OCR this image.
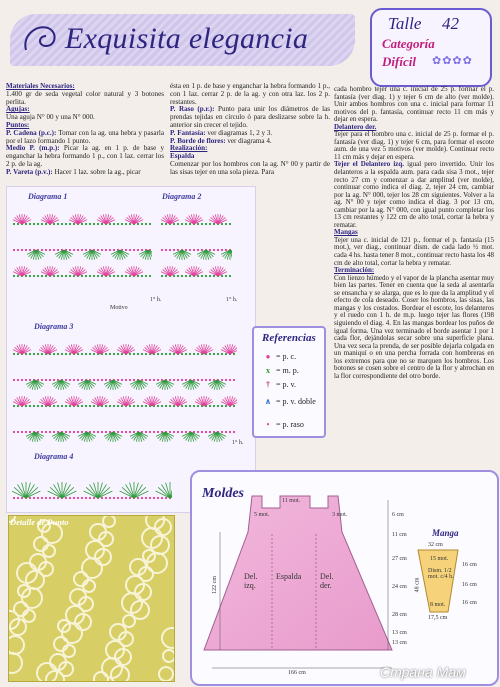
Exquisita elegancia	Talle 42
Categoría
Difícil ✿✿✿✿

Materiales Necesarios:

1.400 gr de seda vegetal color natural y 3 botones perlita.

Agujas:

Una aguja N° 00 y una N° 000.

Puntos:

P. Cadena (p.c.): Tomar con la ag. una hebra y pasarla por el lazo formando 1 punto.

Medio P. (m.p.): Picar la ag. en 1 p. de base y enganchar la hebra formando 1 p., con 1 laz. cerrar los 2 p. de la ag.

P. Vareta (p.v.): Hacer 1 laz. sobre la ag., picar

ésta en 1 p. de base y enganchar la hebra formando 1 p., con 1 laz. cerrar 2 p. de la ag. y con otra laz. los 2 p. restantes.

P. Raso (p.r.): Punto para unir los diámetros de las prendas tejidas en círculo ó para deslizarse sobre la h. anterior sin crecer el tejido.

P. Fantasía: ver diagramas 1, 2 y 3.

P. Borde de flores: ver diagrama 4.

Realización:

Espalda

Comenzar por los hombros con la ag. N° 00 y partir de las sisas tejer en una sola pieza. Para

cada hombro tejer una c. inicial de 25 p. formar el p. fantasía (ver diag. 1) y tejer 6 cm de alto (ver molde). Unir ambos hombros con una c. inicial para formar 11 motivos del p. fantasía, continuar recto 11 cm más y dejar en espera.

Delantero der.

Tejer para el hombro una c. inicial de 25 p. formar el p. fantasía (ver diag. 1) y tejer 6 cm, para formar el escote aum. de una vez 5 motivos (ver molde). Continuar recto 11 cm más y dejar en espera.

Tejer el Delantero izq. igual pero invertido. Unir los delanteros a la espalda aum. para cada sisa 3 mot., tejer recto 27 cm y comenzar a dar amplitud (ver molde), continuar como indica el diag. 2, tejer 24 cm, cambiar por la ag. N° 000, tejer los 28 cm siguientes. Volver a la ag. N° 00 y tejer como indica el diag. 3 por 13 cm, cambiar por la ag. N° 000, con igual punto completar los 13 cm restantes y 122 cm de alto total, cortar la hebra y rematar.

Mangas

Tejer una c. inicial de 121 p., formar el p. fantasía (15 mot.), ver diag., continuar dism. de cada lado ½ mot. cada 4 hs. hasta tener 8 mot., continuar recto hasta los 48 cm de alto total, cortar la hebra y rematar.

Terminación:

Con lienzo húmedo y el vapor de la plancha asentar muy bien las partes. Tener en cuenta que la seda al asentarla se ensancha y se alarga, que es lo que da la amplitud y el efecto de cola deseado. Coser los hombros, las sisas, las mangas y los costados. Bordear el escote, los delanteros y el ruedo con 1 h. de m.p. luego tejer las flores (198 siguiendo el diag. 4. En las mangas bordear los puños de igual forma. Una vez terminado el borde asentar 1 por 1 cada flor, dejándolas secar sobre una superficie plana. Una vez seca la prenda, de ser posible dejarla colgada en un maniquí o en una percha forrada con hombreras en los extremos para que no se marquen los hombros. Los botones se cosen sobre el centro de la flor y abrochan en la flor correspondiente del otro borde.

Diagrama 1	Diagrama 2
Diagrama 3
Diagrama 4
Motivo
1° h.	1° h.
1° h.
Referencias
● = p. c.
x = m. p.
† = p. v.
∧ = p. v. doble
• = p. raso
Detalle de Punto
Moldes
Espalda
Del. izq.
Del. der.
6 cm
11 cm
27 cm
24 cm
28 cm
13 cm
13 cm
122 cm
166 cm
11 mot.
5 mot.	3 mot.
Manga
32 cm
15 mot.
Dism. 1/2 mot. c/4 h.
8 mot.
17,5 cm
16 cm
16 cm
16 cm
48 cm
Страна Мам
